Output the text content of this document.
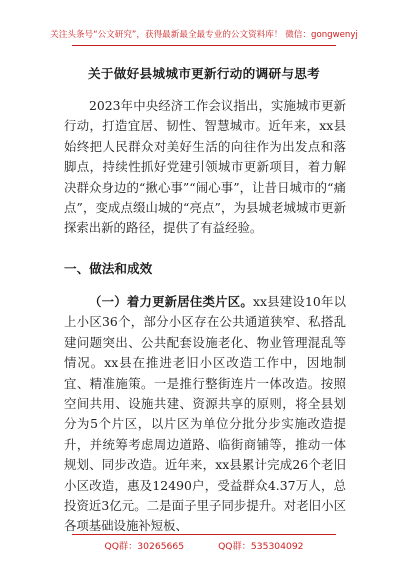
关注头条号“公文研究”，获得最新最全最专业的公文资料库！ 微信：gongwenyj
关于做好县城城市更新行动的调研与思考

2023年中央经济工作会议指出，实施城市更新行动，打造宜居、韧性、智慧城市。近年来，xx县始终把人民群众对美好生活的向往作为出发点和落脚点，持续性抓好党建引领城市更新项目，着力解决群众身边的“揪心事”“闹心事”，让昔日城市的“痛点”，变成点缀山城的“亮点”，为县城老城城市更新探索出新的路径，提供了有益经验。

一、做法和成效

（一）着力更新居住类片区。xx县建设10年以上小区36个，部分小区存在公共通道狭窄、私搭乱建问题突出、公共配套设施老化、物业管理混乱等情况。xx县在推进老旧小区改造工作中，因地制宜、精准施策。一是推行整街连片一体改造。按照空间共用、设施共建、资源共享的原则，将全县划分为5个片区，以片区为单位分批分步实施改造提升，并统筹考虑周边道路、临街商铺等，推动一体规划、同步改造。近年来，xx县累计完成26个老旧小区改造，惠及12490户，受益群众4.37万人，总投资近3亿元。二是面子里子同步提升。对老旧小区各项基础设施补短板、

QQ群：30265665	QQ群：535304092
